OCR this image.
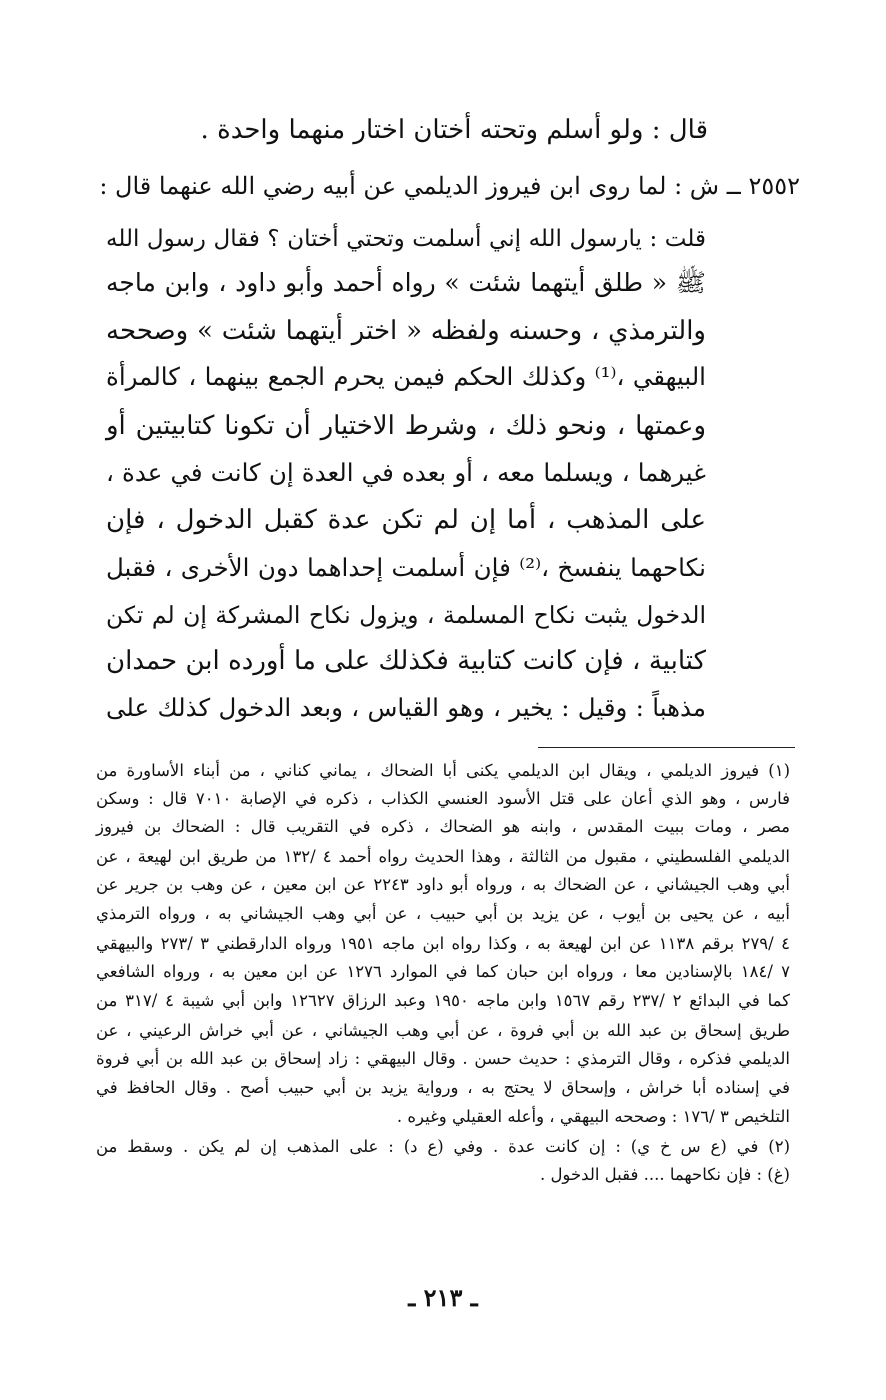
قال : ولو أسلم وتحته أختان اختار منهما واحدة .
٢٥٥٢ ــ ش : لما روى ابن فيروز الديلمي عن أبيه رضي الله عنهما قال :
قلت : يارسول الله إني أسلمت وتحتي أختان ؟ فقال رسول الله
ﷺ « طلق أيتهما شئت » رواه أحمد وأبو داود ، وابن ماجه
والترمذي ، وحسنه ولفظه « اختر أيتهما شئت » وصححه
البيهقي ،⁽¹⁾ وكذلك الحكم فيمن يحرم الجمع بينهما ، كالمرأة
وعمتها ، ونحو ذلك ، وشرط الاختيار أن تكونا كتابيتين أو
غيرهما ، ويسلما معه ، أو بعده في العدة إن كانت في عدة ،
على المذهب ، أما إن لم تكن عدة كقبل الدخول ، فإن
نكاحهما ينفسخ ،⁽²⁾ فإن أسلمت إحداهما دون الأخرى ، فقبل
الدخول يثبت نكاح المسلمة ، ويزول نكاح المشركة إن لم تكن
كتابية ، فإن كانت كتابية فكذلك على ما أورده ابن حمدان
مذهباً : وقيل : يخير ، وهو القياس ، وبعد الدخول كذلك على
(١) فيروز الديلمي ، ويقال ابن الديلمي يكنى أبا الضحاك ، يماني كناني ، من أبناء الأساورة من
فارس ، وهو الذي أعان على قتل الأسود العنسي الكذاب ، ذكره في الإصابة ٧٠١٠ قال : وسكن
مصر ، ومات ببيت المقدس ، وابنه هو الضحاك ، ذكره في التقريب قال : الضحاك بن فيروز
الديلمي الفلسطيني ، مقبول من الثالثة ، وهذا الحديث رواه أحمد ٤ /١٣٢ من طريق ابن لهيعة ، عن
أبي وهب الجيشاني ، عن الضحاك به ، ورواه أبو داود ٢٢٤٣ عن ابن معين ، عن وهب بن جرير عن
أبيه ، عن يحيى بن أيوب ، عن يزيد بن أبي حبيب ، عن أبي وهب الجيشاني به ، ورواه الترمذي
٤ /٢٧٩ برقم ١١٣٨ عن ابن لهيعة به ، وكذا رواه ابن ماجه ١٩٥١ ورواه الدارقطني ٣ /٢٧٣ والبيهقي
٧ /١٨٤ بالإسنادين معا ، ورواه ابن حبان كما في الموارد ١٢٧٦ عن ابن معين به ، ورواه الشافعي
كما في البدائع ٢ /٢٣٧ رقم ١٥٦٧ وابن ماجه ١٩٥٠ وعبد الرزاق ١٢٦٢٧ وابن أبي شيبة ٤ /٣١٧ من
طريق إسحاق بن عبد الله بن أبي فروة ، عن أبي وهب الجيشاني ، عن أبي خراش الرعيني ، عن
الديلمي فذكره ، وقال الترمذي : حديث حسن . وقال البيهقي : زاد إسحاق بن عبد الله بن أبي فروة
في إسناده أبا خراش ، وإسحاق لا يحتج به ، ورواية يزيد بن أبي حبيب أصح . وقال الحافظ في
التلخيص ٣ /١٧٦ : وصححه البيهقي ، وأعله العقيلي وغيره .
(٢) في (ع س خ ي) : إن كانت عدة . وفي (ع د) : على المذهب إن لم يكن . وسقط من
(غ) : فإن نكاحهما .... فقبل الدخول .
ـ ٢١٣ ـ
